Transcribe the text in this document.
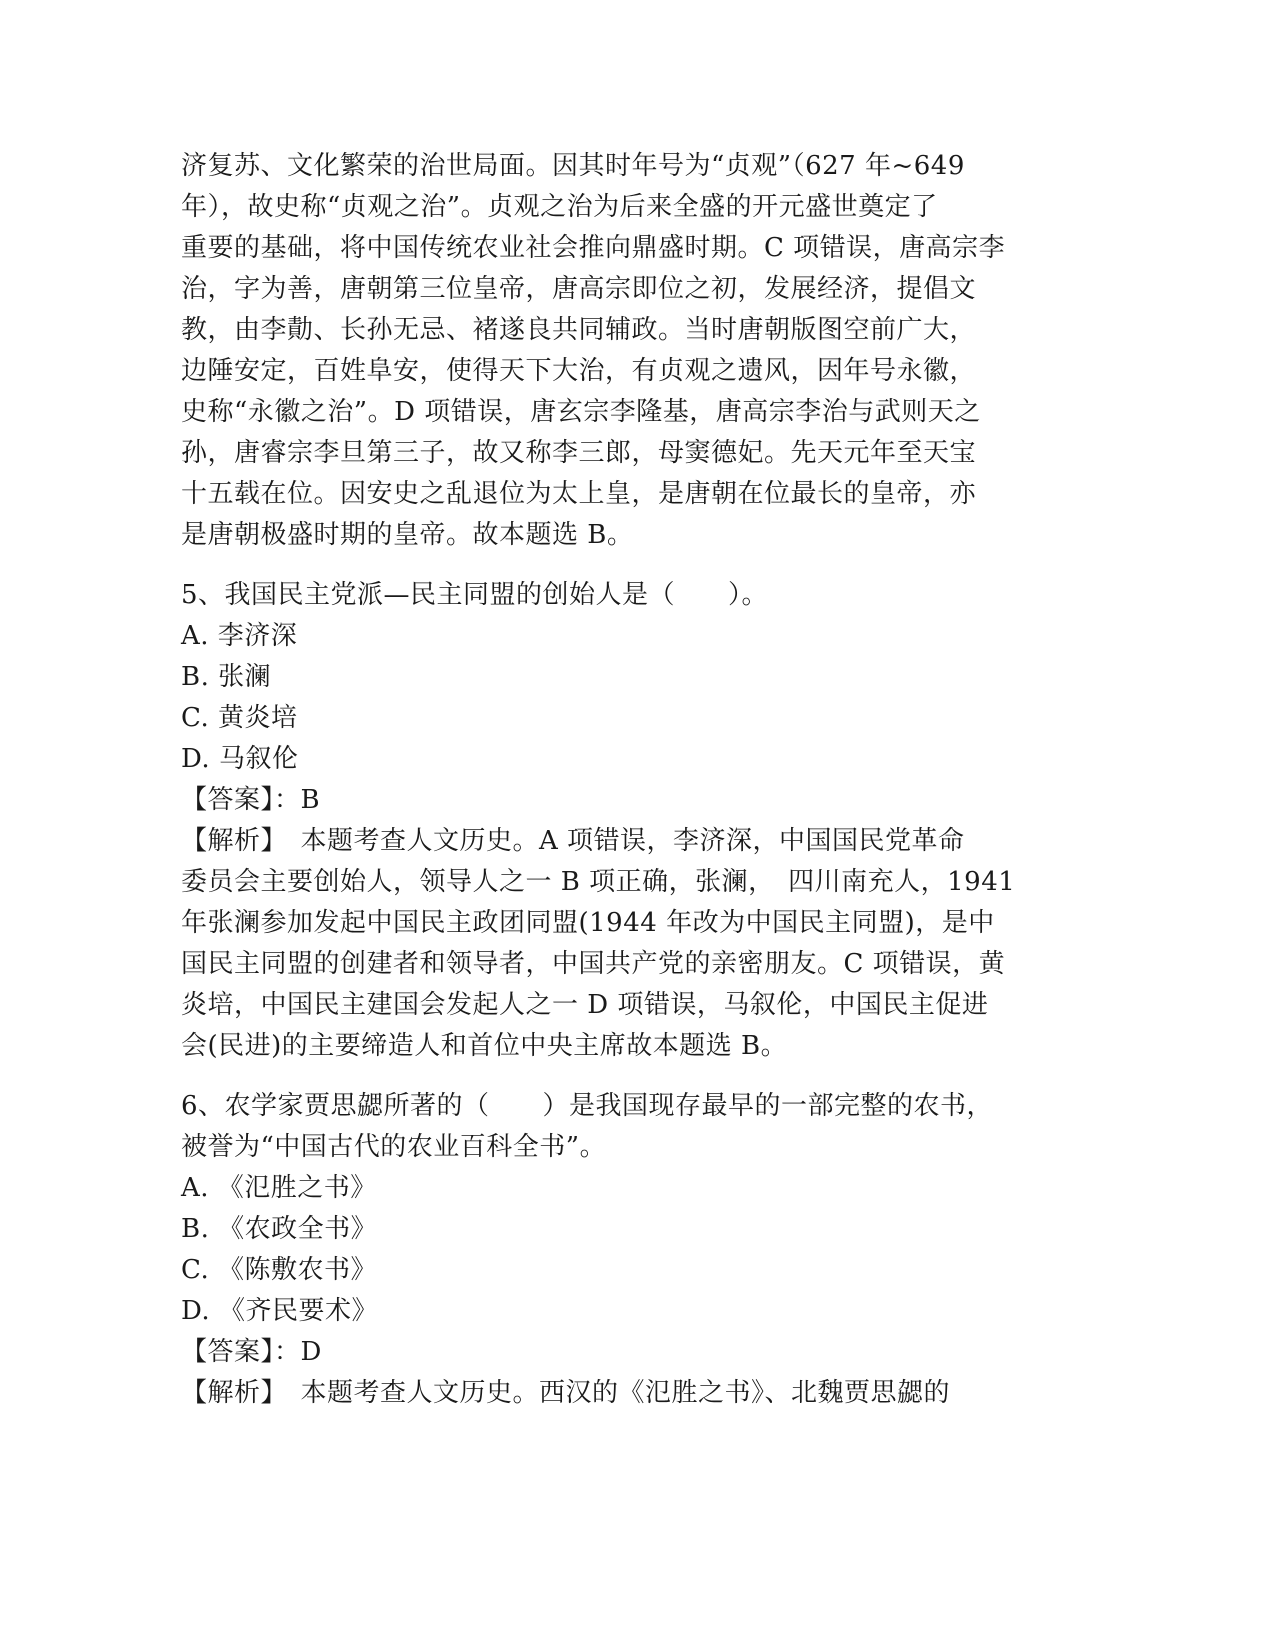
济复苏、文化繁荣的治世局面。因其时年号为“贞观”（627 年~649
年），故史称“贞观之治”。贞观之治为后来全盛的开元盛世奠定了
重要的基础，将中国传统农业社会推向鼎盛时期。C 项错误，唐高宗李
治，字为善，唐朝第三位皇帝，唐高宗即位之初，发展经济，提倡文
教，由李勣、长孙无忌、褚遂良共同辅政。当时唐朝版图空前广大，
边陲安定，百姓阜安，使得天下大治，有贞观之遗风，因年号永徽，
史称“永徽之治”。D 项错误，唐玄宗李隆基，唐高宗李治与武则天之
孙，唐睿宗李旦第三子，故又称李三郎，母窦德妃。先天元年至天宝
十五载在位。因安史之乱退位为太上皇，是唐朝在位最长的皇帝，亦
是唐朝极盛时期的皇帝。故本题选 B。
5、我国民主党派—民主同盟的创始人是（　　）。
A. 李济深
B. 张澜
C. 黄炎培
D. 马叙伦
【答案】：B
【解析】　本题考查人文历史。A 项错误，李济深，中国国民党革命
委员会主要创始人，领导人之一 B 项正确，张澜，　四川南充人，1941
年张澜参加发起中国民主政团同盟(1944 年改为中国民主同盟)，是中
国民主同盟的创建者和领导者，中国共产党的亲密朋友。C 项错误，黄
炎培，中国民主建国会发起人之一 D 项错误，马叙伦，中国民主促进
会(民进)的主要缔造人和首位中央主席故本题选 B。
6、农学家贾思勰所著的（　　）是我国现存最早的一部完整的农书，
被誉为“中国古代的农业百科全书”。
A. 《氾胜之书》
B. 《农政全书》
C. 《陈敷农书》
D. 《齐民要术》
【答案】：D
【解析】　本题考查人文历史。西汉的《氾胜之书》、北魏贾思勰的
